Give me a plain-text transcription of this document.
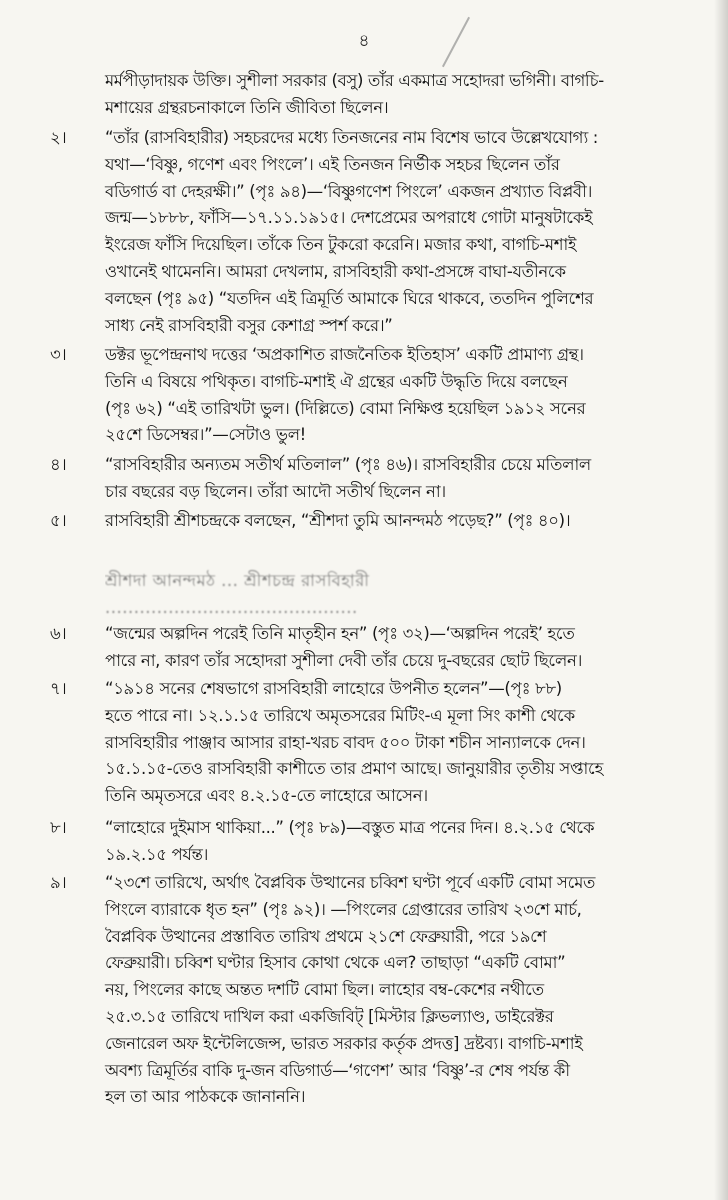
৪
মর্মপীড়াদায়ক উক্তি। সুশীলা সরকার (বসু) তাঁর একমাত্র সহোদরা ভগিনী। বাগচি-
মশায়ের গ্রন্থরচনাকালে তিনি জীবিতা ছিলেন।
২। “তাঁর (রাসবিহারীর) সহচরদের মধ্যে তিনজনের নাম বিশেষ ভাবে উল্লেখযোগ্য :
যথা—‘বিষ্ণু, গণেশ এবং পিংলে’। এই তিনজন নির্ভীক সহচর ছিলেন তাঁর
বডিগার্ড বা দেহরক্ষী।” (পৃঃ ৯৪)—‘বিষ্ণুগণেশ পিংলে’ একজন প্রখ্যাত বিপ্লবী।
জন্ম—১৮৮৮, ফাঁসি—১৭.১১.১৯১৫। দেশপ্রেমের অপরাধে গোটা মানুষটাকেই
ইংরেজ ফাঁসি দিয়েছিল। তাঁকে তিন টুকরো করেনি। মজার কথা, বাগচি-মশাই
ওখানেই থামেননি। আমরা দেখলাম, রাসবিহারী কথা-প্রসঙ্গে বাঘা-যতীনকে
বলছেন (পৃঃ ৯৫) “যতদিন এই ত্রিমূর্তি আমাকে ঘিরে থাকবে, ততদিন পুলিশের
সাধ্য নেই রাসবিহারী বসুর কেশাগ্র স্পর্শ করে।”
৩। ডক্টর ভূপেন্দ্রনাথ দত্তের ‘অপ্রকাশিত রাজনৈতিক ইতিহাস’ একটি প্রামাণ্য গ্রন্থ।
তিনি এ বিষয়ে পথিকৃত। বাগচি-মশাই ঐ গ্রন্থের একটি উদ্ধৃতি দিয়ে বলছেন
(পৃঃ ৬২) “এই তারিখটা ভুল। (দিল্লিতে) বোমা নিক্ষিপ্ত হয়েছিল ১৯১২ সনের
২৫শে ডিসেম্বর।”—সেটাও ভুল!
৪। “রাসবিহারীর অন্যতম সতীর্থ মতিলাল” (পৃঃ ৪৬)। রাসবিহারীর চেয়ে মতিলাল
চার বছরের বড় ছিলেন। তাঁরা আদৌ সতীর্থ ছিলেন না।
৫। রাসবিহারী শ্রীশচন্দ্রকে বলছেন, “শ্রীশদা তুমি আনন্দমঠ পড়েছ?” (পৃঃ ৪০)।
শ্রীশদা আনন্দমঠ ... শ্রীশচন্দ্র রাসবিহারী
............................................
৬। “জন্মের অল্পদিন পরেই তিনি মাতৃহীন হন” (পৃঃ ৩২)—‘অল্পদিন পরেই’ হতে
পারে না, কারণ তাঁর সহোদরা সুশীলা দেবী তাঁর চেয়ে দু-বছরের ছোট ছিলেন।
৭। “১৯১৪ সনের শেষভাগে রাসবিহারী লাহোরে উপনীত হলেন”—(পৃঃ ৮৮)
হতে পারে না। ১২.১.১৫ তারিখে অমৃতসরের মিটিং-এ মূলা সিং কাশী থেকে
রাসবিহারীর পাঞ্জাব আসার রাহা-খরচ বাবদ ৫০০ টাকা শচীন সান্যালকে দেন।
১৫.১.১৫-তেও রাসবিহারী কাশীতে তার প্রমাণ আছে। জানুয়ারীর তৃতীয় সপ্তাহে
তিনি অমৃতসরে এবং ৪.২.১৫-তে লাহোরে আসেন।
৮। “লাহোরে দুইমাস থাকিয়া...” (পৃঃ ৮৯)—বস্তুত মাত্র পনের দিন। ৪.২.১৫ থেকে
১৯.২.১৫ পর্যন্ত।
৯। “২৩শে তারিখে, অর্থাৎ বৈপ্লবিক উত্থানের চব্বিশ ঘণ্টা পূর্বে একটি বোমা সমেত
পিংলে ব্যারাকে ধৃত হন” (পৃঃ ৯২)। —পিংলের গ্রেপ্তারের তারিখ ২৩শে মার্চ,
বৈপ্লবিক উত্থানের প্রস্তাবিত তারিখ প্রথমে ২১শে ফেব্রুয়ারী, পরে ১৯শে
ফেব্রুয়ারী। চব্বিশ ঘণ্টার হিসাব কোথা থেকে এল? তাছাড়া “একটি বোমা”
নয়, পিংলের কাছে অন্তত দশটি বোমা ছিল। লাহোর বম্ব-কেশের নথীতে
২৫.৩.১৫ তারিখে দাখিল করা একজিবিট্ [মিস্টার ক্লিভল্যাণ্ড, ডাইরেক্টর
জেনারেল অফ ইন্টেলিজেন্স, ভারত সরকার কর্তৃক প্রদত্ত] দ্রষ্টব্য। বাগচি-মশাই
অবশ্য ত্রিমূর্তির বাকি দু-জন বডিগার্ড—‘গণেশ’ আর ‘বিষ্ণু’-র শেষ পর্যন্ত কী
হল তা আর পাঠককে জানাননি।
